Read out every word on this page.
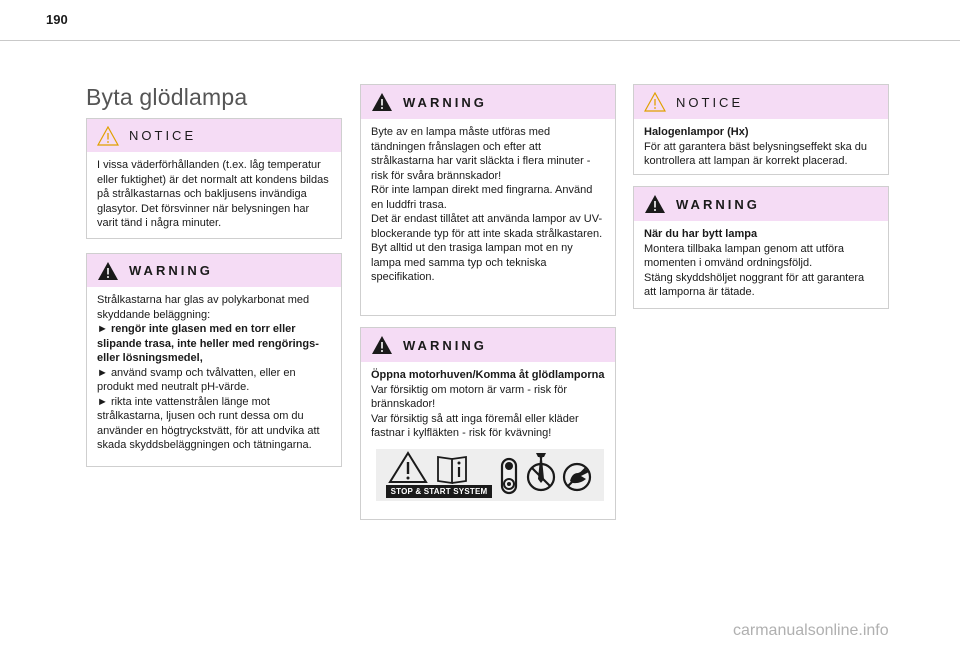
190
Byta glödlampa
NOTICE

I vissa väderförhållanden (t.ex. låg temperatur eller fuktighet) är det normalt att kondens bildas på strålkastarnas och bakljusens invändiga glasytor. Det försvinner när belysningen har varit tänd i några minuter.

WARNING

Strålkastarna har glas av polykarbonat med skyddande beläggning:

► rengör inte glasen med en torr eller slipande trasa, inte heller med rengörings- eller lösningsmedel,

► använd svamp och tvålvatten, eller en produkt med neutralt pH-värde.

► rikta inte vattenstrålen länge mot strålkastarna, ljusen och runt dessa om du använder en högtryckstvätt, för att undvika att skada skyddsbeläggningen och tätningarna.

WARNING

Byte av en lampa måste utföras med tändningen frånslagen och efter att strålkastarna har varit släckta i flera minuter - risk för svåra brännskador!

Rör inte lampan direkt med fingrarna. Använd en luddfri trasa.

Det är endast tillåtet att använda lampor av UV-blockerande typ för att inte skada strålkastaren.

Byt alltid ut den trasiga lampan mot en ny lampa med samma typ och tekniska specifikation.

WARNING

Öppna motorhuven/Komma åt glödlamporna

Var försiktig om motorn är varm - risk för brännskador!

Var försiktig så att inga föremål eller kläder fastnar i kylfläkten - risk för kvävning!

STOP & START SYSTEM
NOTICE

Halogenlampor (Hx)

För att garantera bäst belysningseffekt ska du kontrollera att lampan är korrekt placerad.

WARNING

När du har bytt lampa

Montera tillbaka lampan genom att utföra momenten i omvänd ordningsföljd.

Stäng skyddshöljet noggrant för att garantera att lamporna är tätade.

carmanualsonline.info
